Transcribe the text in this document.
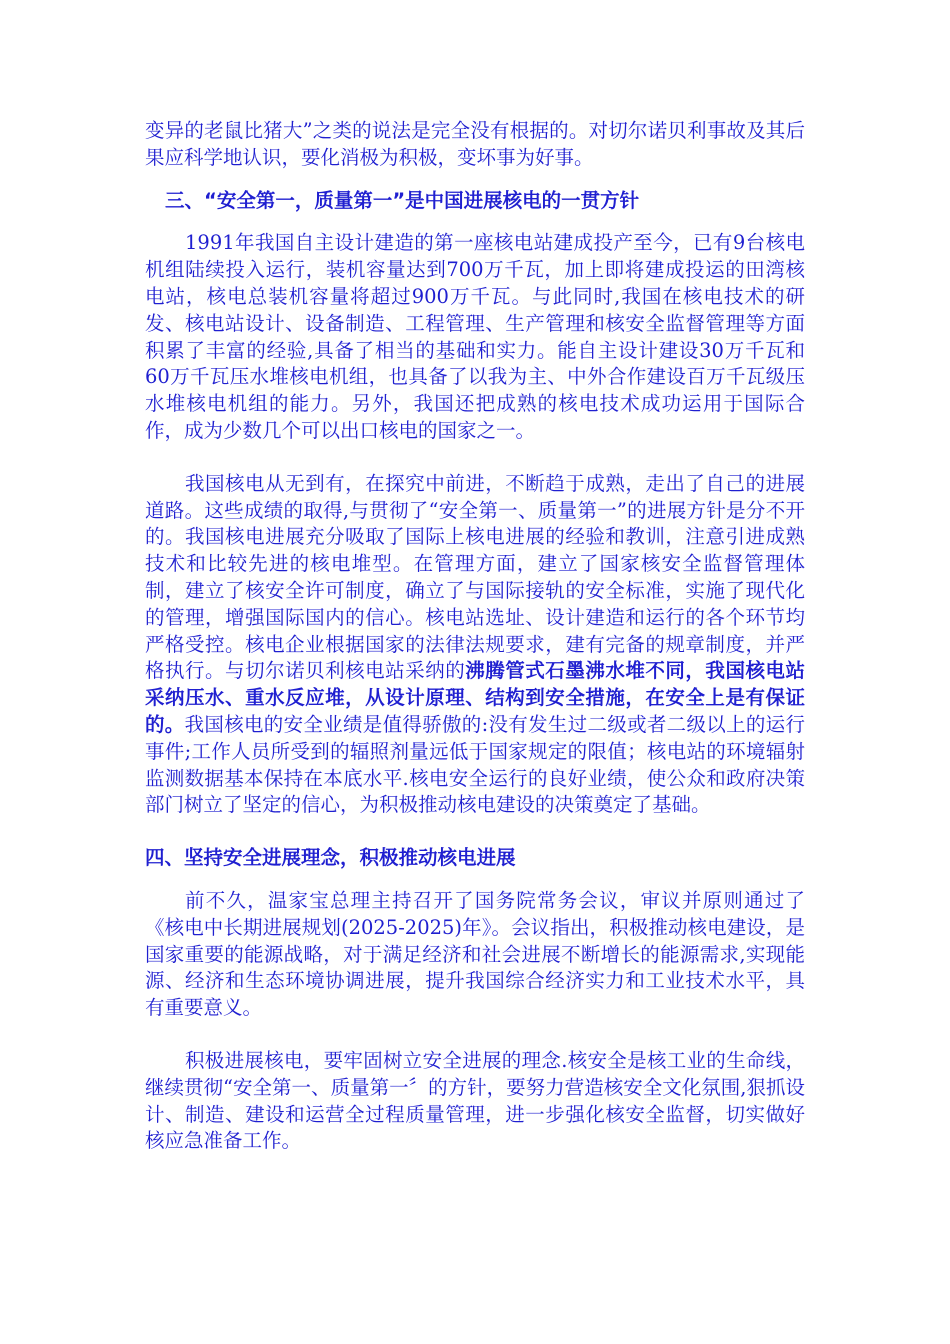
变异的老鼠比猪大”之类的说法是完全没有根据的。对切尔诺贝利事故及其后果应科学地认识，要化消极为积极，变坏事为好事。

三、“安全第一，质量第一”是中国进展核电的一贯方针

1991年我国自主设计建造的第一座核电站建成投产至今，已有9台核电机组陆续投入运行，装机容量达到700万千瓦，加上即将建成投运的田湾核电站，核电总装机容量将超过900万千瓦。与此同时,我国在核电技术的研发、核电站设计、设备制造、工程管理、生产管理和核安全监督管理等方面积累了丰富的经验,具备了相当的基础和实力。能自主设计建设30万千瓦和60万千瓦压水堆核电机组，也具备了以我为主、中外合作建设百万千瓦级压水堆核电机组的能力。另外，我国还把成熟的核电技术成功运用于国际合作，成为少数几个可以出口核电的国家之一。

我国核电从无到有，在探究中前进，不断趋于成熟，走出了自己的进展道路。这些成绩的取得,与贯彻了“安全第一、质量第一”的进展方针是分不开的。我国核电进展充分吸取了国际上核电进展的经验和教训，注意引进成熟技术和比较先进的核电堆型。在管理方面，建立了国家核安全监督管理体制，建立了核安全许可制度，确立了与国际接轨的安全标准，实施了现代化的管理，增强国际国内的信心。核电站选址、设计建造和运行的各个环节均严格受控。核电企业根据国家的法律法规要求，建有完备的规章制度，并严格执行。与切尔诺贝利核电站采纳的沸腾管式石墨沸水堆不同，我国核电站采纳压水、重水反应堆，从设计原理、结构到安全措施，在安全上是有保证的。我国核电的安全业绩是值得骄傲的:没有发生过二级或者二级以上的运行事件;工作人员所受到的辐照剂量远低于国家规定的限值；核电站的环境辐射监测数据基本保持在本底水平.核电安全运行的良好业绩，使公众和政府决策部门树立了坚定的信心，为积极推动核电建设的决策奠定了基础。

四、坚持安全进展理念，积极推动核电进展

前不久，温家宝总理主持召开了国务院常务会议，审议并原则通过了《核电中长期进展规划(2025-2025)年》。会议指出，积极推动核电建设，是国家重要的能源战略，对于满足经济和社会进展不断增长的能源需求,实现能源、经济和生态环境协调进展，提升我国综合经济实力和工业技术水平，具有重要意义。

积极进展核电，要牢固树立安全进展的理念.核安全是核工业的生命线，继续贯彻“安全第一、质量第一〞的方针，要努力营造核安全文化氛围,狠抓设计、制造、建设和运营全过程质量管理，进一步强化核安全监督，切实做好核应急准备工作。
